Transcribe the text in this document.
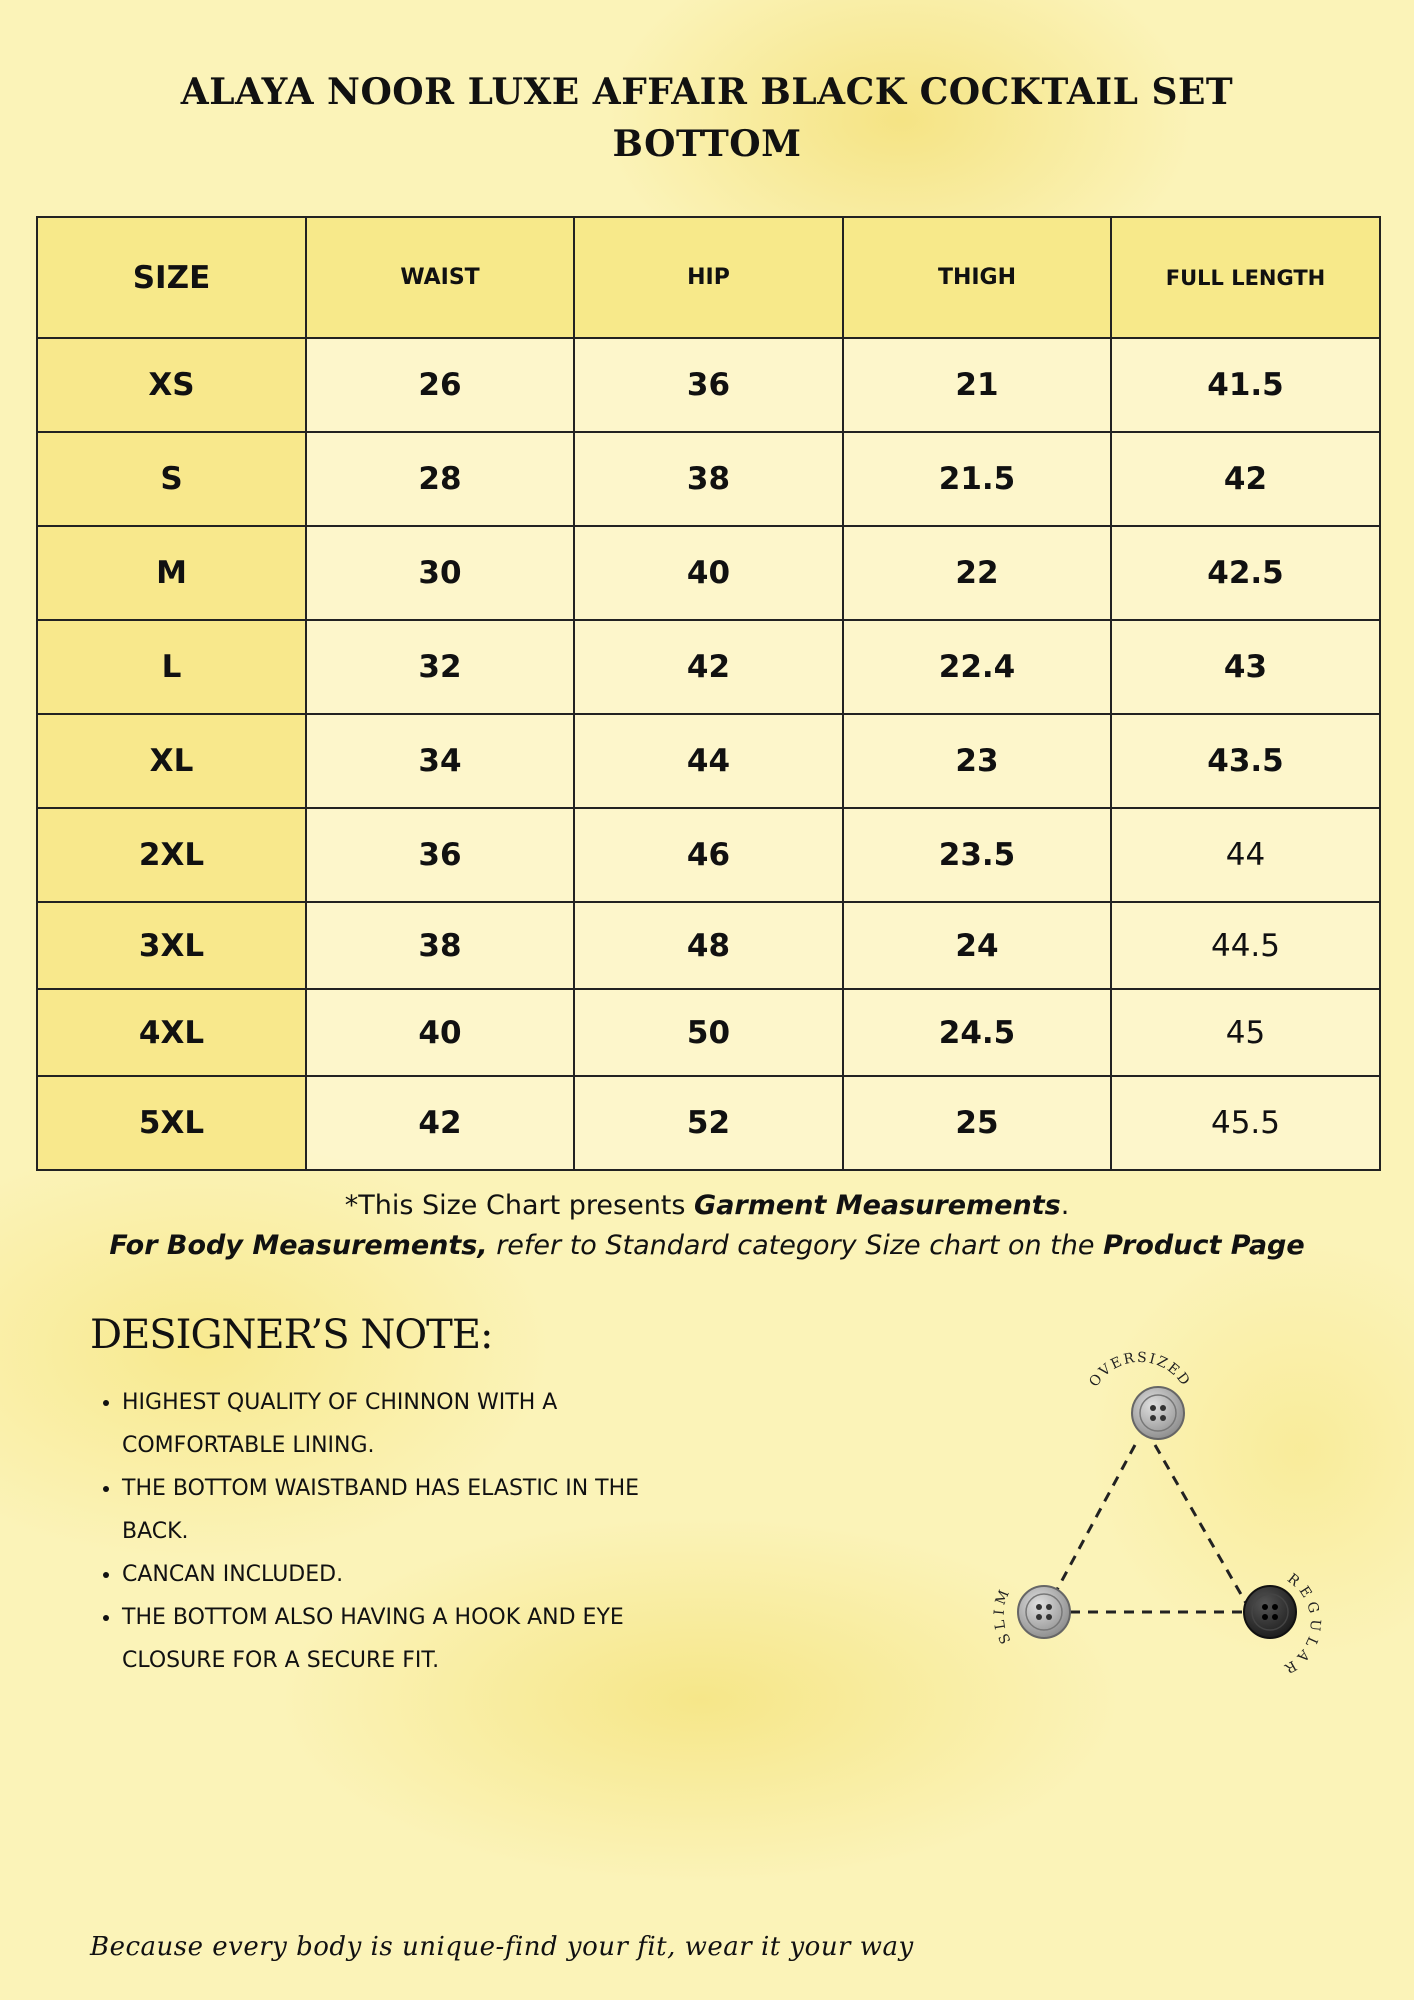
ALAYA NOOR LUXE AFFAIR BLACK COCKTAIL SET
BOTTOM
SIZE	WAIST	HIP	THIGH	FULL LENGTH
XS	26	36	21	41.5
S	28	38	21.5	42
M	30	40	22	42.5
L	32	42	22.4	43
XL	34	44	23	43.5
2XL	36	46	23.5	44
3XL	38	48	24	44.5
4XL	40	50	24.5	45
5XL	42	52	25	45.5
*This Size Chart presents Garment Measurements.
For Body Measurements, refer to Standard category Size chart on the Product Page
DESIGNER’S NOTE:
• HIGHEST QUALITY OF CHINNON WITH A COMFORTABLE LINING.
• THE BOTTOM WAISTBAND HAS ELASTIC IN THE BACK.
• CANCAN INCLUDED.
• THE BOTTOM ALSO HAVING A HOOK AND EYE CLOSURE FOR A SECURE FIT.
OVERSIZED
SLIM
REGULAR
Because every body is unique-find your fit, wear it your way
